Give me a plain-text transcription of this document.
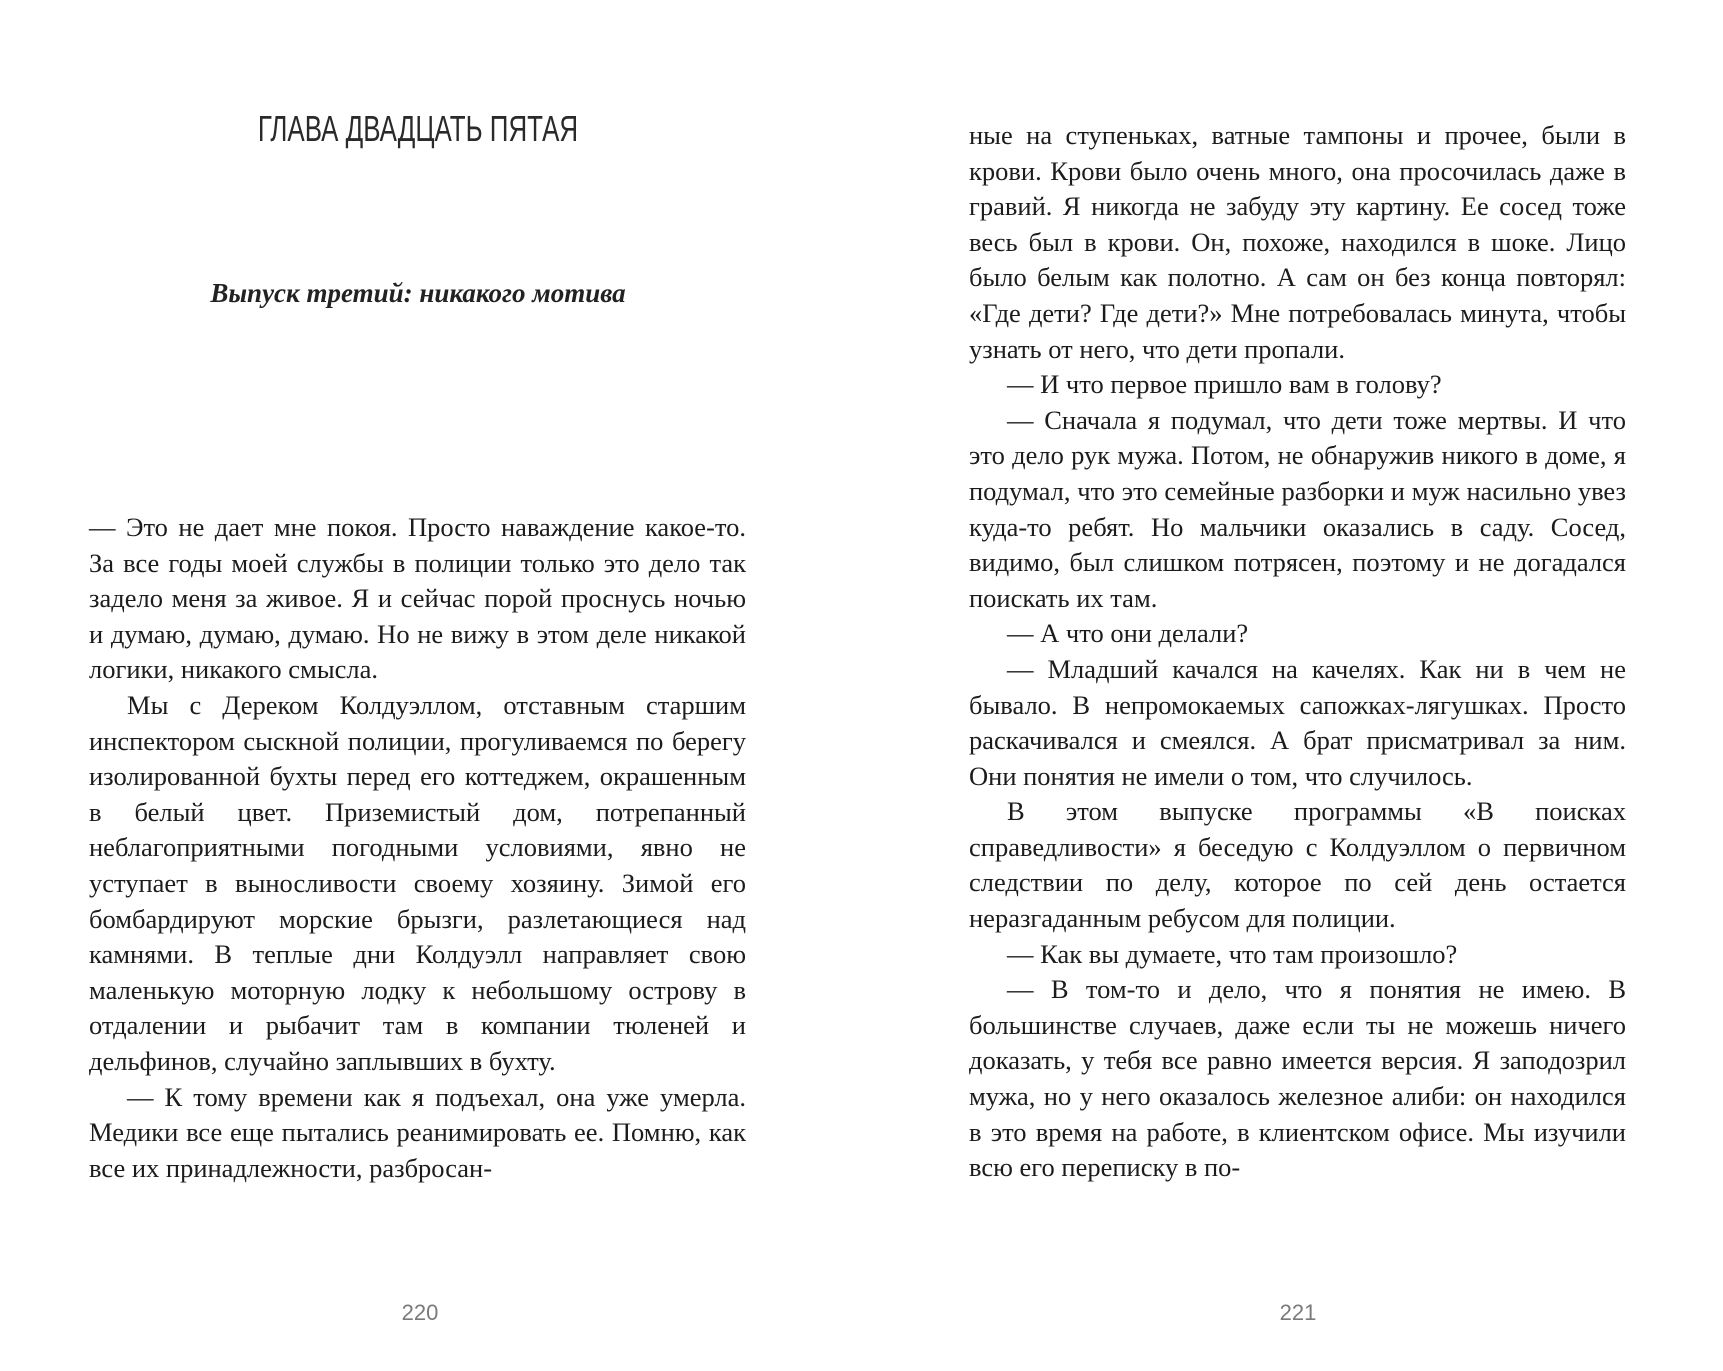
ГЛАВА ДВАДЦАТЬ ПЯТАЯ
Выпуск третий: никакого мотива

— Это не дает мне покоя. Просто наваждение какое-то. За все годы моей службы в полиции только это дело так задело меня за живое. Я и сейчас порой проснусь ночью и думаю, думаю, думаю. Но не вижу в этом деле никакой логики, никакого смысла.

Мы с Дереком Колдуэллом, отставным старшим инспектором сыскной полиции, прогуливаемся по берегу изолированной бухты перед его коттеджем, окрашенным в белый цвет. Приземистый дом, потрепанный неблагоприятными погодными условиями, явно не уступает в выносливости своему хозяину. Зимой его бомбардируют морские брызги, разлетающиеся над камнями. В теплые дни Колдуэлл направляет свою маленькую моторную лодку к небольшому острову в отдалении и рыбачит там в компании тюленей и дельфинов, случайно заплывших в бухту.

— К тому времени как я подъехал, она уже умерла. Медики все еще пытались реанимировать ее. Помню, как все их принадлежности, разбросан-

220

ные на ступеньках, ватные тампоны и прочее, были в крови. Крови было очень много, она просочилась даже в гравий. Я никогда не забуду эту картину. Ее сосед тоже весь был в крови. Он, похоже, находился в шоке. Лицо было белым как полотно. А сам он без конца повторял: «Где дети? Где дети?» Мне потребовалась минута, чтобы узнать от него, что дети пропали.

— И что первое пришло вам в голову?

— Сначала я подумал, что дети тоже мертвы. И что это дело рук мужа. Потом, не обнаружив никого в доме, я подумал, что это семейные разборки и муж насильно увез куда-то ребят. Но мальчики оказались в саду. Сосед, видимо, был слишком потрясен, поэтому и не догадался поискать их там.

— А что они делали?

— Младший качался на качелях. Как ни в чем не бывало. В непромокаемых сапожках-лягушках. Просто раскачивался и смеялся. А брат присматривал за ним. Они понятия не имели о том, что случилось.

В этом выпуске программы «В поисках справедливости» я беседую с Колдуэллом о первичном следствии по делу, которое по сей день остается неразгаданным ребусом для полиции.

— Как вы думаете, что там произошло?

— В том-то и дело, что я понятия не имею. В большинстве случаев, даже если ты не можешь ничего доказать, у тебя все равно имеется версия. Я заподозрил мужа, но у него оказалось железное алиби: он находился в это время на работе, в клиентском офисе. Мы изучили всю его переписку в по-

221
